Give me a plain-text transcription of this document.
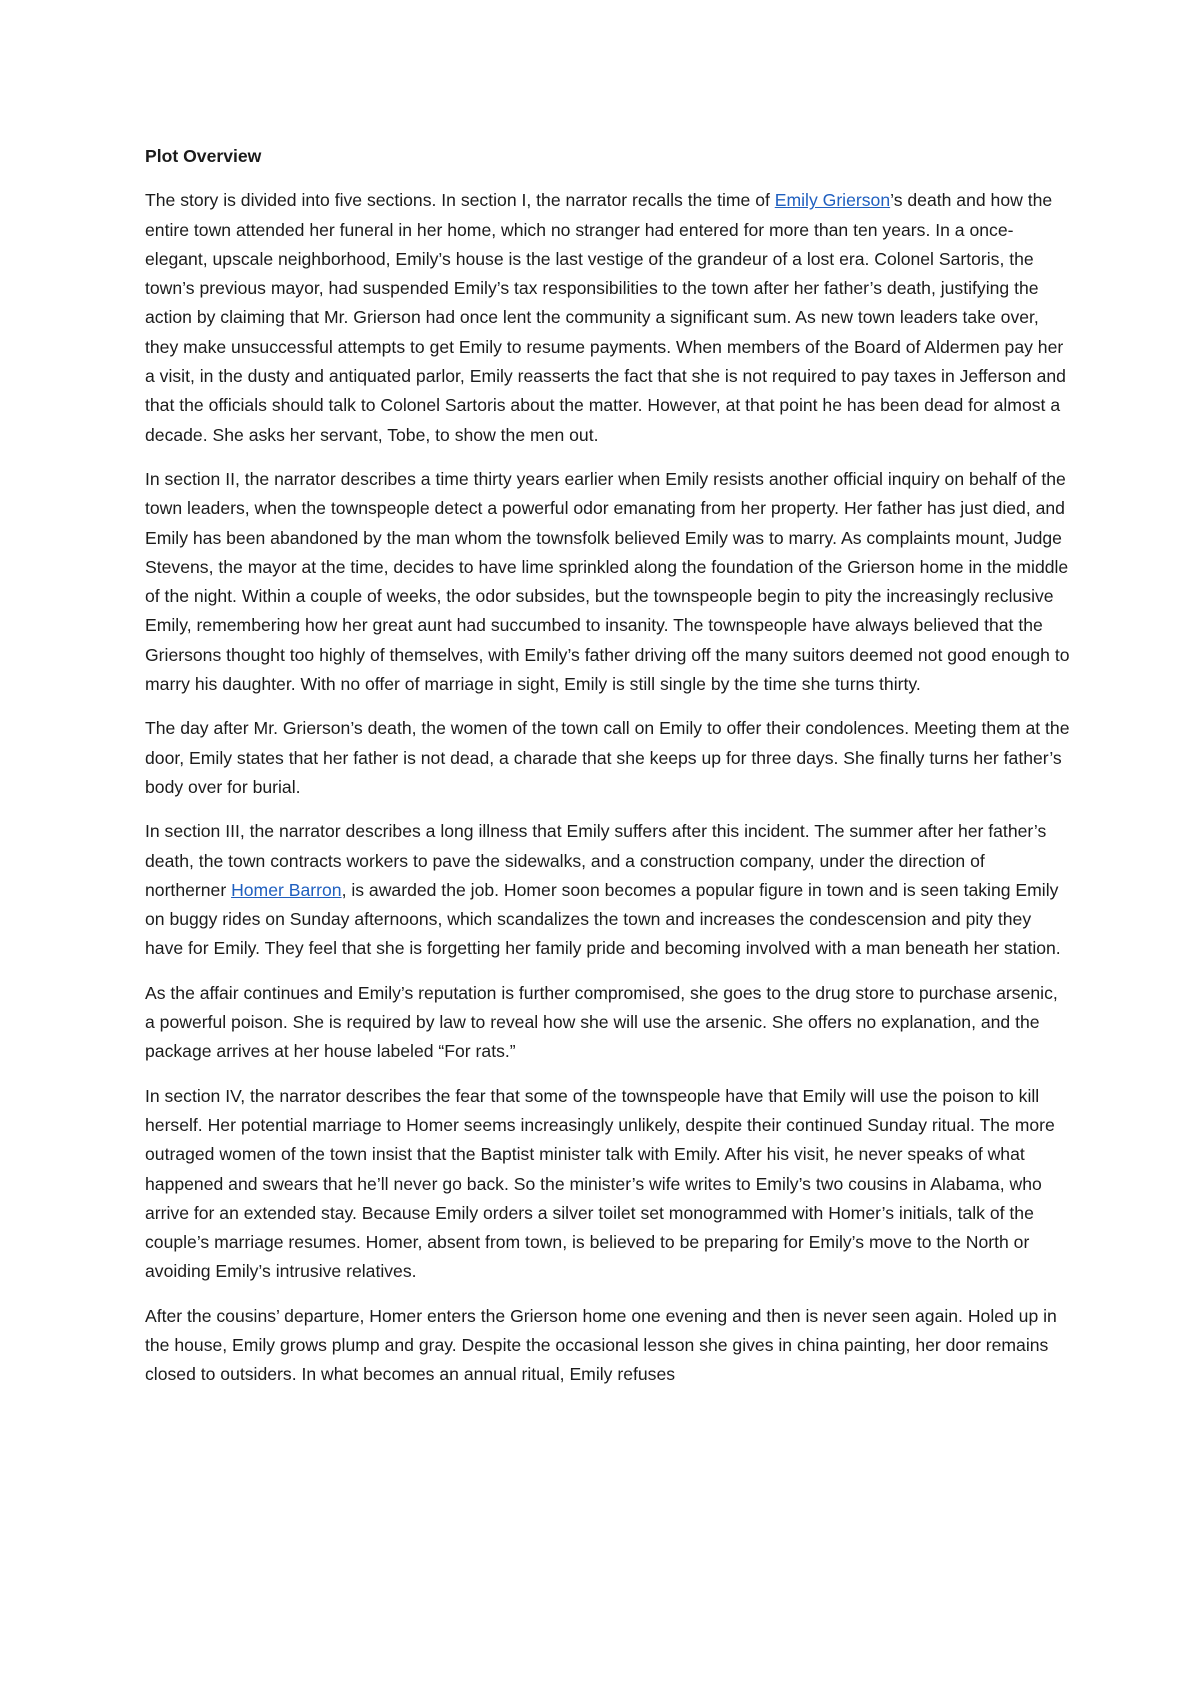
Plot Overview

The story is divided into five sections. In section I, the narrator recalls the time of Emily Grierson’s death and how the entire town attended her funeral in her home, which no stranger had entered for more than ten years. In a once-elegant, upscale neighborhood, Emily’s house is the last vestige of the grandeur of a lost era. Colonel Sartoris, the town’s previous mayor, had suspended Emily’s tax responsibilities to the town after her father’s death, justifying the action by claiming that Mr. Grierson had once lent the community a significant sum. As new town leaders take over, they make unsuccessful attempts to get Emily to resume payments. When members of the Board of Aldermen pay her a visit, in the dusty and antiquated parlor, Emily reasserts the fact that she is not required to pay taxes in Jefferson and that the officials should talk to Colonel Sartoris about the matter. However, at that point he has been dead for almost a decade. She asks her servant, Tobe, to show the men out.

In section II, the narrator describes a time thirty years earlier when Emily resists another official inquiry on behalf of the town leaders, when the townspeople detect a powerful odor emanating from her property. Her father has just died, and Emily has been abandoned by the man whom the townsfolk believed Emily was to marry. As complaints mount, Judge Stevens, the mayor at the time, decides to have lime sprinkled along the foundation of the Grierson home in the middle of the night. Within a couple of weeks, the odor subsides, but the townspeople begin to pity the increasingly reclusive Emily, remembering how her great aunt had succumbed to insanity. The townspeople have always believed that the Griersons thought too highly of themselves, with Emily’s father driving off the many suitors deemed not good enough to marry his daughter. With no offer of marriage in sight, Emily is still single by the time she turns thirty.

The day after Mr. Grierson’s death, the women of the town call on Emily to offer their condolences. Meeting them at the door, Emily states that her father is not dead, a charade that she keeps up for three days. She finally turns her father’s body over for burial.

In section III, the narrator describes a long illness that Emily suffers after this incident. The summer after her father’s death, the town contracts workers to pave the sidewalks, and a construction company, under the direction of northerner Homer Barron, is awarded the job. Homer soon becomes a popular figure in town and is seen taking Emily on buggy rides on Sunday afternoons, which scandalizes the town and increases the condescension and pity they have for Emily. They feel that she is forgetting her family pride and becoming involved with a man beneath her station.

As the affair continues and Emily’s reputation is further compromised, she goes to the drug store to purchase arsenic, a powerful poison. She is required by law to reveal how she will use the arsenic. She offers no explanation, and the package arrives at her house labeled “For rats.”

In section IV, the narrator describes the fear that some of the townspeople have that Emily will use the poison to kill herself. Her potential marriage to Homer seems increasingly unlikely, despite their continued Sunday ritual. The more outraged women of the town insist that the Baptist minister talk with Emily. After his visit, he never speaks of what happened and swears that he’ll never go back. So the minister’s wife writes to Emily’s two cousins in Alabama, who arrive for an extended stay. Because Emily orders a silver toilet set monogrammed with Homer’s initials, talk of the couple’s marriage resumes. Homer, absent from town, is believed to be preparing for Emily’s move to the North or avoiding Emily’s intrusive relatives.

After the cousins’ departure, Homer enters the Grierson home one evening and then is never seen again. Holed up in the house, Emily grows plump and gray. Despite the occasional lesson she gives in china painting, her door remains closed to outsiders. In what becomes an annual ritual, Emily refuses
